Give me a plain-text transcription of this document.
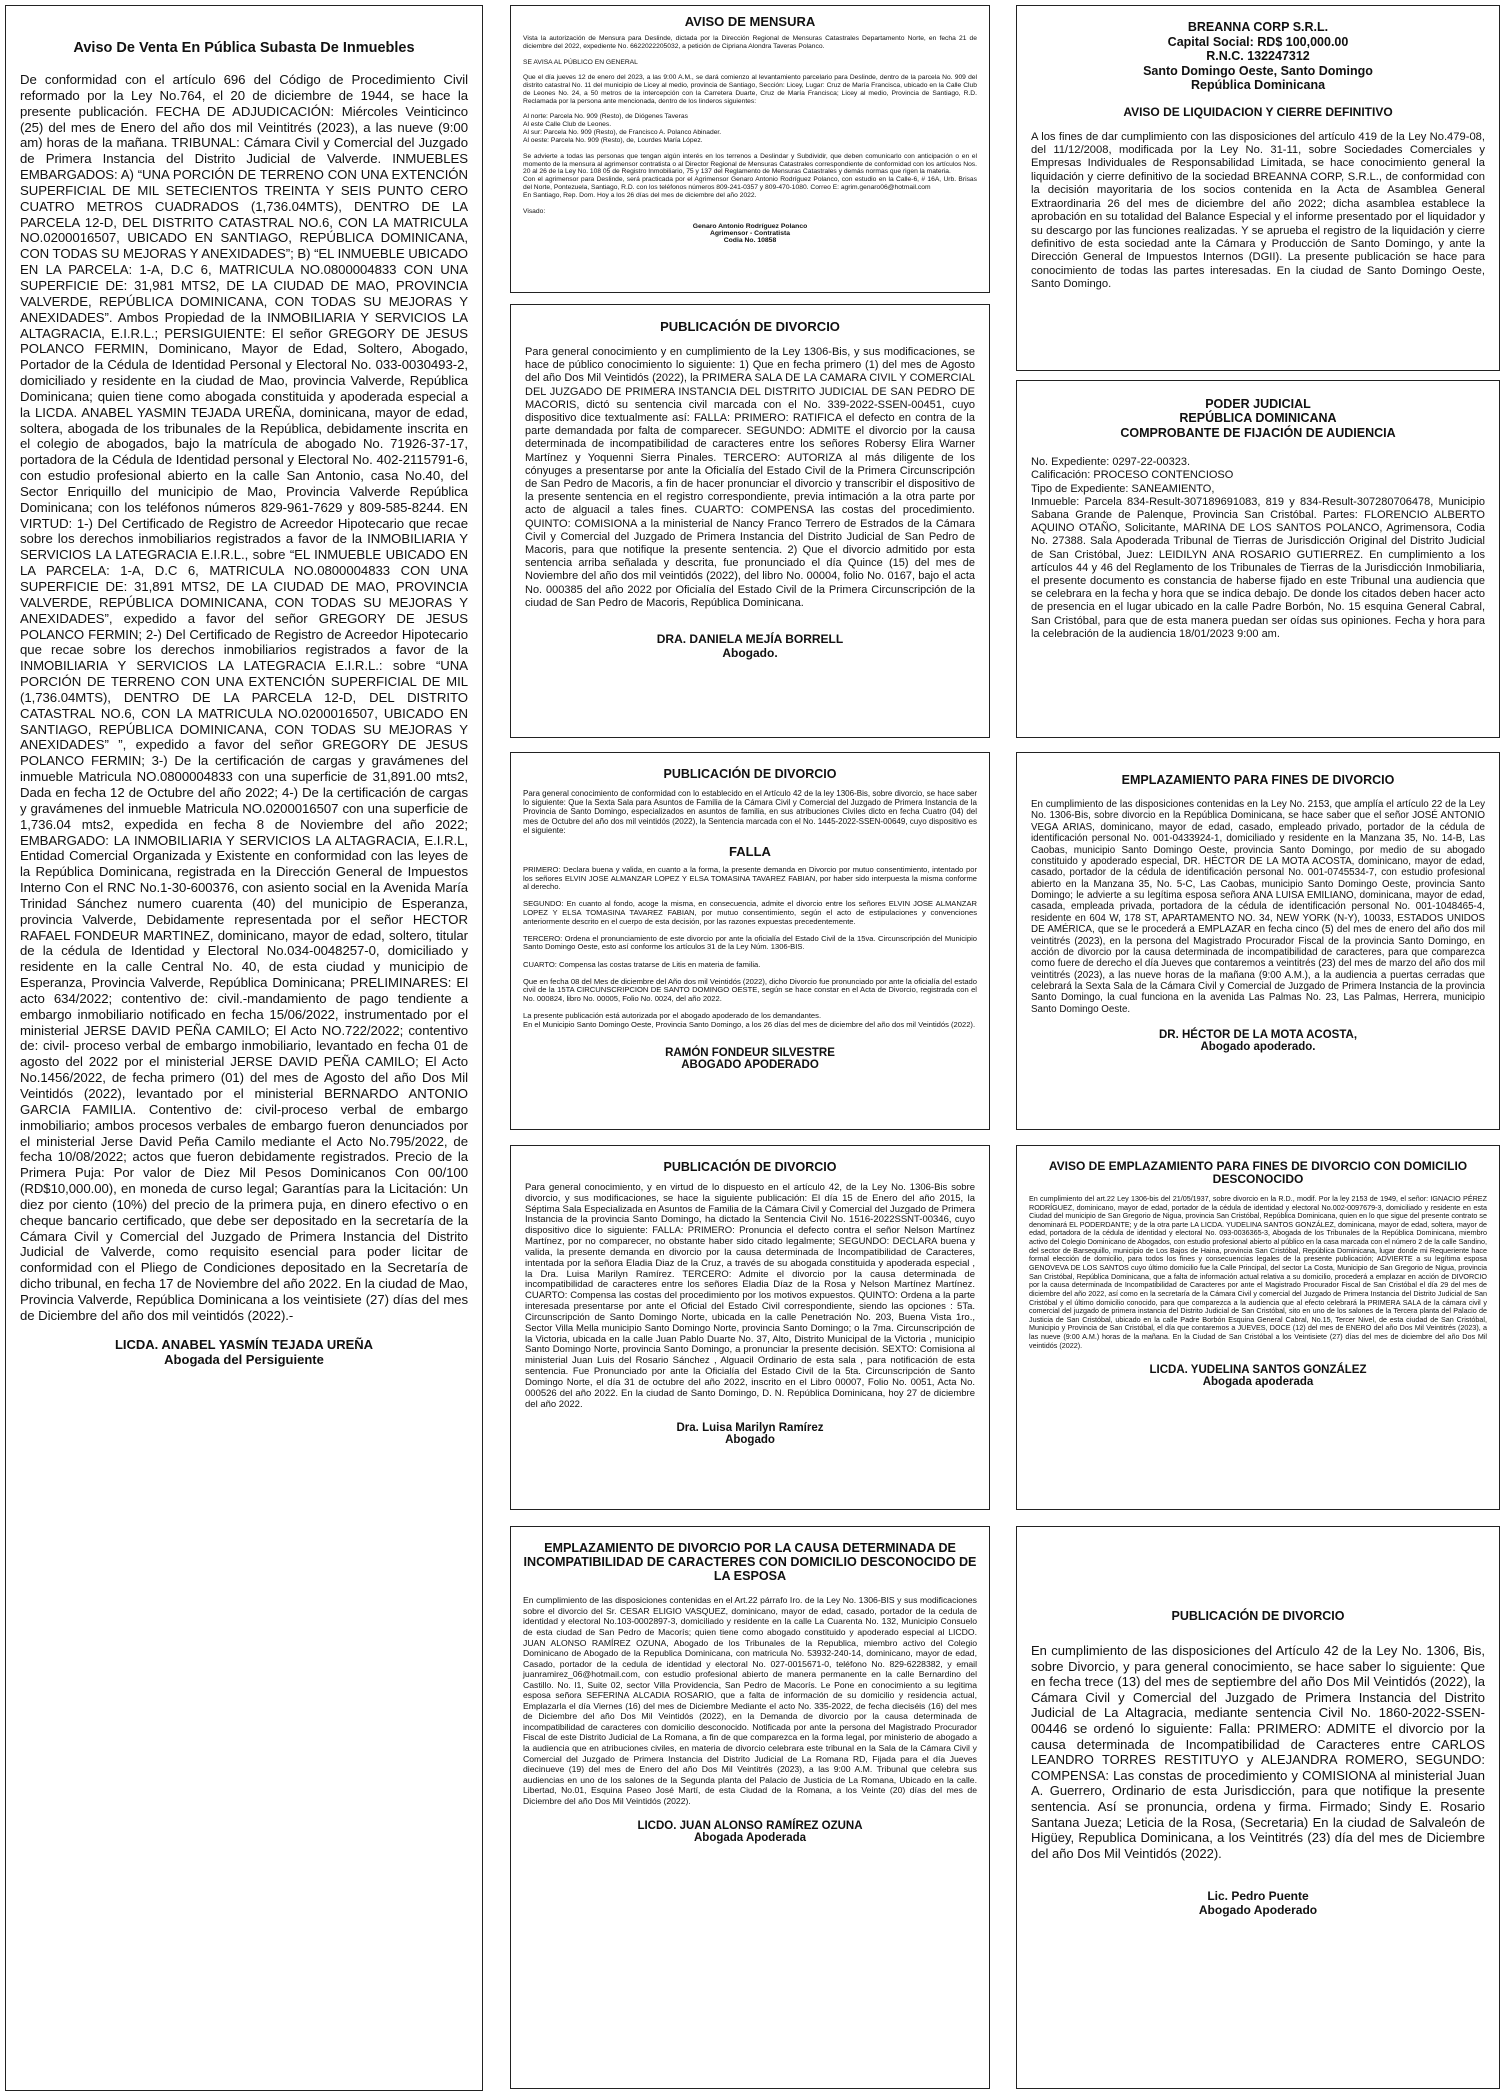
Aviso De Venta En Pública Subasta De Inmuebles

De conformidad con el artículo 696 del Código de Procedimiento Civil reformado por la Ley No.764, el 20 de diciembre de 1944, se hace la presente publicación. FECHA DE ADJUDICACIÓN: Miércoles Veinticinco (25) del mes de Enero del año dos mil Veintitrés (2023), a las nueve (9:00 am) horas de la mañana. TRIBUNAL: Cámara Civil y Comercial del Juzgado de Primera Instancia del Distrito Judicial de Valverde. INMUEBLES EMBARGADOS: A) “UNA PORCIÓN DE TERRENO CON UNA EXTENCIÓN SUPERFICIAL DE MIL SETECIENTOS TREINTA Y SEIS PUNTO CERO CUATRO METROS CUADRADOS (1,736.04MTS), DENTRO DE LA PARCELA 12-D, DEL DISTRITO CATASTRAL NO.6, CON LA MATRICULA NO.0200016507, UBICADO EN SANTIAGO, REPÚBLICA DOMINICANA, CON TODAS SU MEJORAS Y ANEXIDADES”; B) “EL INMUEBLE UBICADO EN LA PARCELA: 1-A, D.C 6, MATRICULA NO.0800004833 CON UNA SUPERFICIE DE: 31,981 MTS2, DE LA CIUDAD DE MAO, PROVINCIA VALVERDE, REPÚBLICA DOMINICANA, CON TODAS SU MEJORAS Y ANEXIDADES”. Ambos Propiedad de la INMOBILIARIA Y SERVICIOS LA ALTAGRACIA, E.I.R.L.; PERSIGUIENTE: El señor GREGORY DE JESUS POLANCO FERMIN, Dominicano, Mayor de Edad, Soltero, Abogado, Portador de la Cédula de Identidad Personal y Electoral No. 033-0030493-2, domiciliado y residente en la ciudad de Mao, provincia Valverde, República Dominicana; quien tiene como abogada constituida y apoderada especial a la LICDA. ANABEL YASMIN TEJADA UREÑA, dominicana, mayor de edad, soltera, abogada de los tribunales de la República, debidamente inscrita en el colegio de abogados, bajo la matrícula de abogado No. 71926-37-17, portadora de la Cédula de Identidad personal y Electoral No. 402-2115791-6, con estudio profesional abierto en la calle San Antonio, casa No.40, del Sector Enriquillo del municipio de Mao, Provincia Valverde República Dominicana; con los teléfonos números 829-961-7629 y 809-585-8244. EN VIRTUD: 1-) Del Certificado de Registro de Acreedor Hipotecario que recae sobre los derechos inmobiliarios registrados a favor de la INMOBILIARIA Y SERVICIOS LA LATEGRACIA E.I.R.L., sobre “EL INMUEBLE UBICADO EN LA PARCELA: 1-A, D.C 6, MATRICULA NO.0800004833 CON UNA SUPERFICIE DE: 31,891 MTS2, DE LA CIUDAD DE MAO, PROVINCIA VALVERDE, REPÚBLICA DOMINICANA, CON TODAS SU MEJORAS Y ANEXIDADES”, expedido a favor del señor GREGORY DE JESUS POLANCO FERMIN; 2-) Del Certificado de Registro de Acreedor Hipotecario que recae sobre los derechos inmobiliarios registrados a favor de la INMOBILIARIA Y SERVICIOS LA LATEGRACIA E.I.R.L.: sobre “UNA PORCIÓN DE TERRENO CON UNA EXTENCIÓN SUPERFICIAL DE MIL (1,736.04MTS), DENTRO DE LA PARCELA 12-D, DEL DISTRITO CATASTRAL NO.6, CON LA MATRICULA NO.0200016507, UBICADO EN SANTIAGO, REPÚBLICA DOMINICANA, CON TODAS SU MEJORAS Y ANEXIDADES” ”, expedido a favor del señor GREGORY DE JESUS POLANCO FERMIN; 3-) De la certificación de cargas y gravámenes del inmueble Matricula NO.0800004833 con una superficie de 31,891.00 mts2, Dada en fecha 12 de Octubre del año 2022; 4-) De la certificación de cargas y gravámenes del inmueble Matricula NO.0200016507 con una superficie de 1,736.04 mts2, expedida en fecha 8 de Noviembre del año 2022; EMBARGADO: LA INMOBILIARIA Y SERVICIOS LA ALTAGRACIA, E.I.R.L, Entidad Comercial Organizada y Existente en conformidad con las leyes de la República Dominicana, registrada en la Dirección General de Impuestos Interno Con el RNC No.1-30-600376, con asiento social en la Avenida María Trinidad Sánchez numero cuarenta (40) del municipio de Esperanza, provincia Valverde, Debidamente representada por el señor HECTOR RAFAEL FONDEUR MARTINEZ, dominicano, mayor de edad, soltero, titular de la cédula de Identidad y Electoral No.034-0048257-0, domiciliado y residente en la calle Central No. 40, de esta ciudad y municipio de Esperanza, Provincia Valverde, República Dominicana; PRELIMINARES: El acto 634/2022; contentivo de: civil.-mandamiento de pago tendiente a embargo inmobiliario notificado en fecha 15/06/2022, instrumentado por el ministerial JERSE DAVID PEÑA CAMILO; El Acto NO.722/2022; contentivo de: civil- proceso verbal de embargo inmobiliario, levantado en fecha 01 de agosto del 2022 por el ministerial JERSE DAVID PEÑA CAMILO; El Acto No.1456/2022, de fecha primero (01) del mes de Agosto del año Dos Mil Veintidós (2022), levantado por el ministerial BERNARDO ANTONIO GARCIA FAMILIA. Contentivo de: civil-proceso verbal de embargo inmobiliario; ambos procesos verbales de embargo fueron denunciados por el ministerial Jerse David Peña Camilo mediante el Acto No.795/2022, de fecha 10/08/2022; actos que fueron debidamente registrados. Precio de la Primera Puja: Por valor de Diez Mil Pesos Dominicanos Con 00/100 (RD$10,000.00), en moneda de curso legal; Garantías para la Licitación: Un diez por ciento (10%) del precio de la primera puja, en dinero efectivo o en cheque bancario certificado, que debe ser depositado en la secretaría de la Cámara Civil y Comercial del Juzgado de Primera Instancia del Distrito Judicial de Valverde, como requisito esencial para poder licitar de conformidad con el Pliego de Condiciones depositado en la Secretaría de dicho tribunal, en fecha 17 de Noviembre del año 2022. En la ciudad de Mao, Provincia Valverde, República Dominicana a los veintisiete (27) días del mes de Diciembre del año dos mil veintidós (2022).-

LICDA. ANABEL YASMÍN TEJADA UREÑA
Abogada del Persiguiente

AVISO DE MENSURA

Vista la autorización de Mensura para Deslinde, dictada por la Dirección Regional de Mensuras Catastrales Departamento Norte, en fecha 21 de diciembre del 2022, expediente No. 6622022205032, a petición de Cipriana Alondra Taveras Polanco.

SE AVISA AL PÚBLICO EN GENERAL

Que el día jueves 12 de enero del 2023, a las 9:00 A.M., se dará comienzo al levantamiento parcelario para Deslinde, dentro de la parcela No. 909 del distrito catastral No. 11 del municipio de Licey al medio, provincia de Santiago, Sección: Licey, Lugar: Cruz de María Francisca, ubicado en la Calle Club de Leones No. 24, a 50 metros de la intercepción con la Carretera Duarte, Cruz de María Francisca; Licey al medio, Provincia de Santiago, R.D. Reclamada por la persona ante mencionada, dentro de los linderos siguientes:

Al norte: Parcela No. 909 (Resto), de Diógenes Taveras
Al este Calle Club de Leones.
Al sur: Parcela No. 909 (Resto), de Francisco A. Polanco Abinader.
Al oeste: Parcela No. 909 (Resto), de, Lourdes María López.

Se advierte a todas las personas que tengan algún interés en los terrenos a Deslindar y Subdividir, que deben comunicarlo con anticipación o en el momento de la mensura al agrimensor contratista o al Director Regional de Mensuras Catastrales correspondiente de conformidad con los artículos Nos. 20 al 26 de la Ley No. 108 05 de Registro Inmobiliario, 75 y 137 del Reglamento de Mensuras Catastrales y demás normas que rigen la materia.
Con el agrimensor para Deslinde, será practicada por el Agrimensor Genaro Antonio Rodríguez Polanco, con estudio en la Calle-6, # 16A, Urb. Brisas del Norte, Pontezuela, Santiago, R.D. con los teléfonos números 809-241-0357 y 809-470-1080. Correo E: agrim.genaro06@hotmail.com
En Santiago, Rep. Dom. Hoy a los 26 días del mes de diciembre del año 2022.

Visado:

Genaro Antonio Rodríguez Polanco
Agrimensor - Contratista
Codia No. 10858

PUBLICACIÓN DE DIVORCIO

Para general conocimiento y en cumplimiento de la Ley 1306-Bis, y sus modificaciones, se hace de público conocimiento lo siguiente: 1) Que en fecha primero (1) del mes de Agosto del año Dos Mil Veintidós (2022), la PRIMERA SALA DE LA CAMARA CIVIL Y COMERCIAL DEL JUZGADO DE PRIMERA INSTANCIA DEL DISTRITO JUDICIAL DE SAN PEDRO DE MACORIS, dictó su sentencia civil marcada con el No. 339-2022-SSEN-00451, cuyo dispositivo dice textualmente así: FALLA: PRIMERO: RATIFICA el defecto en contra de la parte demandada por falta de comparecer. SEGUNDO: ADMITE el divorcio por la causa determinada de incompatibilidad de caracteres entre los señores Robersy Elira Warner Martínez y Yoquenni Sierra Pinales. TERCERO: AUTORIZA al más diligente de los cónyuges a presentarse por ante la Oficialía del Estado Civil de la Primera Circunscripción de San Pedro de Macoris, a fin de hacer pronunciar el divorcio y transcribir el dispositivo de la presente sentencia en el registro correspondiente, previa intimación a la otra parte por acto de alguacil a tales fines. CUARTO: COMPENSA las costas del procedimiento. QUINTO: COMISIONA a la ministerial de Nancy Franco Terrero de Estrados de la Cámara Civil y Comercial del Juzgado de Primera Instancia del Distrito Judicial de San Pedro de Macoris, para que notifique la presente sentencia. 2) Que el divorcio admitido por esta sentencia arriba señalada y descrita, fue pronunciado el día Quince (15) del mes de Noviembre del año dos mil veintidós (2022), del libro No. 00004, folio No. 0167, bajo el acta No. 000385 del año 2022 por Oficialía del Estado Civil de la Primera Circunscripción de la ciudad de San Pedro de Macoris, República Dominicana.

DRA. DANIELA MEJÍA BORRELL
Abogado.

PUBLICACIÓN DE DIVORCIO

Para general conocimiento de conformidad con lo establecido en el Artículo 42 de la ley 1306-Bis, sobre divorcio, se hace saber lo siguiente: Que la Sexta Sala para Asuntos de Familia de la Cámara Civil y Comercial del Juzgado de Primera Instancia de la Provincia de Santo Domingo, especializados en asuntos de familia, en sus atribuciones Civiles dicto en fecha Cuatro (04) del mes de Octubre del año dos mil veintidós (2022), la Sentencia marcada con el No. 1445-2022-SSEN-00649, cuyo dispositivo es el siguiente:

FALLA

PRIMERO: Declara buena y valida, en cuanto a la forma, la presente demanda en Divorcio por mutuo consentimiento, intentado por los señores ELVIN JOSE ALMANZAR LOPEZ Y ELSA TOMASINA TAVAREZ FABIAN, por haber sido interpuesta la misma conforme al derecho.

SEGUNDO: En cuanto al fondo, acoge la misma, en consecuencia, admite el divorcio entre los señores ELVIN JOSE ALMANZAR LOPEZ Y ELSA TOMASINA TAVAREZ FABIAN, por mutuo consentimiento, según el acto de estipulaciones y convenciones anteriormente descrito en el cuerpo de esta decisión, por las razones expuestas precedentemente.

TERCERO: Ordena el pronunciamiento de este divorcio por ante la oficialía del Estado Civil de la 15va. Circunscripción del Municipio Santo Domingo Oeste, esto así conforme los artículos 31 de la Ley Núm. 1306-BIS.

CUARTO: Compensa las costas tratarse de Litis en materia de familia.

Que en fecha 08 del Mes de diciembre del Año dos mil Veintidós (2022), dicho Divorcio fue pronunciado por ante la oficialía del estado civil de la 15TA CIRCUNSCRIPCION DE SANTO DOMINGO OESTE, según se hace constar en el Acta de Divorcio, registrada con el No. 000824, libro No. 00005, Folio No. 0024, del año 2022.

La presente publicación está autorizada por el abogado apoderado de los demandantes.
En el Municipio Santo Domingo Oeste, Provincia Santo Domingo, a los 26 días del mes de diciembre del año dos mil Veintidós (2022).

RAMÓN FONDEUR SILVESTRE
ABOGADO APODERADO

PUBLICACIÓN DE DIVORCIO

Para general conocimiento, y en virtud de lo dispuesto en el artículo 42, de la Ley No. 1306-Bis sobre divorcio, y sus modificaciones, se hace la siguiente publicación: El día 15 de Enero del año 2015, la Séptima Sala Especializada en Asuntos de Familia de la Cámara Civil y Comercial del Juzgado de Primera Instancia de la provincia Santo Domingo, ha dictado la Sentencia Civil No. 1516-2022SSNT-00346, cuyo dispositivo dice lo siguiente: FALLA: PRIMERO: Pronuncia el defecto contra el señor Nelson Martínez Martínez, por no comparecer, no obstante haber sido citado legalmente; SEGUNDO: DECLARA buena y valida, la presente demanda en divorcio por la causa determinada de Incompatibilidad de Caracteres, intentada por la señora Eladia Diaz de la Cruz, a través de su abogada constituida y apoderada especial , la Dra. Luisa Marilyn Ramírez. TERCERO: Admite el divorcio por la causa determinada de incompatibilidad de caracteres entre los señores Eladia Díaz de la Rosa y Nelson Martínez Martínez. CUARTO: Compensa las costas del procedimiento por los motivos expuestos. QUINTO: Ordena a la parte interesada presentarse por ante el Oficial del Estado Civil correspondiente, siendo las opciones : 5Ta. Circunscripción de Santo Domingo Norte, ubicada en la calle Penetración No. 203, Buena Vista 1ro., Sector Villa Mella municipio Santo Domingo Norte, provincia Santo Domingo; o la 7ma. Circunscripción de la Victoria, ubicada en la calle Juan Pablo Duarte No. 37, Alto, Distrito Municipal de la Victoria , municipio Santo Domingo Norte, provincia Santo Domingo, a pronunciar la presente decisión. SEXTO: Comisiona al ministerial Juan Luis del Rosario Sánchez , Alguacil Ordinario de esta sala , para notificación de esta sentencia. Fue Pronunciado por ante la Oficialía del Estado Civil de la 5ta. Circunscripción de Santo Domingo Norte, el día 31 de octubre del año 2022, inscrito en el Libro 00007, Folio No. 0051, Acta No. 000526 del año 2022. En la ciudad de Santo Domingo, D. N. República Dominicana, hoy 27 de diciembre del año 2022.

Dra. Luisa Marilyn Ramírez
Abogado

EMPLAZAMIENTO DE DIVORCIO POR LA CAUSA DETERMINADA DE INCOMPATIBILIDAD DE CARACTERES CON DOMICILIO DESCONOCIDO DE LA ESPOSA

En cumplimiento de las disposiciones contenidas en el Art.22 párrafo Iro. de la Ley No. 1306-BIS y sus modificaciones sobre el divorcio del Sr. CESAR ELIGIO VASQUEZ, dominicano, mayor de edad, casado, portador de la cedula de identidad y electoral No.103-0002897-3, domiciliado y residente en la calle La Cuarenta No. 132, Municipio Consuelo de esta ciudad de San Pedro de Macorís; quien tiene como abogado constituido y apoderado especial al LICDO. JUAN ALONSO RAMÍREZ OZUNA, Abogado de los Tribunales de la Republica, miembro activo del Colegio Dominicano de Abogado de la Republica Dominicana, con matricula No. 53932-240-14, dominicano, mayor de edad, Casado, portador de la cedula de identidad y electoral No. 027-0015671-0, teléfono No. 829-6228382, y email juanramirez_06@hotmail.com, con estudio profesional abierto de manera permanente en la calle Bernardino del Castillo. No. l1, Suite 02, sector Villa Providencia, San Pedro de Macorís. Le Pone en conocimiento a su legitima esposa señora SEFERINA ALCADIA ROSARIO, que a falta de información de su domicilio y residencia actual, Emplazarla el día Viernes (16) del mes de Diciembre Mediante el acto No. 335-2022, de fecha dieciséis (16) del mes de Diciembre del año Dos Mil Veintidós (2022), en la Demanda de divorcio por la causa determinada de incompatibilidad de caracteres con domicilio desconocido. Notificada por ante la persona del Magistrado Procurador Fiscal de este Distrito Judicial de La Romana, a fin de que comparezca en la forma legal, por ministerio de abogado a la audiencia que en atribuciones civiles, en materia de divorcio celebrara este tribunal en la Sala de la Cámara Civil y Comercial del Juzgado de Primera Instancia del Distrito Judicial de La Romana RD, Fijada para el día Jueves diecinueve (19) del mes de Enero del año Dos Mil Veintitrés (2023), a las 9:00 A.M. Tribunal que celebra sus audiencias en uno de los salones de la Segunda planta del Palacio de Justicia de La Romana, Ubicado en la calle. Libertad, No.01, Esquina Paseo José Martí, de esta Ciudad de la Romana, a los Veinte (20) días del mes de Diciembre del año Dos Mil Veintidós (2022).

LICDO. JUAN ALONSO RAMÍREZ OZUNA
Abogada Apoderada

BREANNA CORP S.R.L.
Capital Social: RD$ 100,000.00
R.N.C. 132247312
Santo Domingo Oeste, Santo Domingo
República Dominicana

AVISO DE LIQUIDACION Y CIERRE DEFINITIVO

A los fines de dar cumplimiento con las disposiciones del artículo 419 de la Ley No.479-08, del 11/12/2008, modificada por la Ley No. 31-11, sobre Sociedades Comerciales y Empresas Individuales de Responsabilidad Limitada, se hace conocimiento general la liquidación y cierre definitivo de la sociedad BREANNA CORP, S.R.L., de conformidad con la decisión mayoritaria de los socios contenida en la Acta de Asamblea General Extraordinaria 26 del mes de diciembre del año 2022; dicha asamblea establece la aprobación en su totalidad del Balance Especial y el informe presentado por el liquidador y su descargo por las funciones realizadas. Y se aprueba el registro de la liquidación y cierre definitivo de esta sociedad ante la Cámara y Producción de Santo Domingo, y ante la Dirección General de Impuestos Internos (DGII). La presente publicación se hace para conocimiento de todas las partes interesadas. En la ciudad de Santo Domingo Oeste, Santo Domingo.

PODER JUDICIAL
REPÚBLICA DOMINICANA
COMPROBANTE DE FIJACIÓN DE AUDIENCIA

No. Expediente: 0297-22-00323.
Calificación: PROCESO CONTENCIOSO
Tipo de Expediente: SANEAMIENTO,
Inmueble: Parcela 834-Result-307189691083, 819 y 834-Result-307280706478, Municipio Sabana Grande de Palenque, Provincia San Cristóbal. Partes: FLORENCIO ALBERTO AQUINO OTAÑO, Solicitante, MARINA DE LOS SANTOS POLANCO, Agrimensora, Codia No. 27388. Sala Apoderada Tribunal de Tierras de Jurisdicción Original del Distrito Judicial de San Cristóbal, Juez: LEIDILYN ANA ROSARIO GUTIERREZ. En cumplimiento a los artículos 44 y 46 del Reglamento de los Tribunales de Tierras de la Jurisdicción Inmobiliaria, el presente documento es constancia de haberse fijado en este Tribunal una audiencia que se celebrara en la fecha y hora que se indica debajo. De donde los citados deben hacer acto de presencia en el lugar ubicado en la calle Padre Borbón, No. 15 esquina General Cabral, San Cristóbal, para que de esta manera puedan ser oídas sus opiniones. Fecha y hora para la celebración de la audiencia 18/01/2023 9:00 am.

EMPLAZAMIENTO PARA FINES DE DIVORCIO

En cumplimiento de las disposiciones contenidas en la Ley No. 2153, que amplía el artículo 22 de la Ley No. 1306-Bis, sobre divorcio en la República Dominicana, se hace saber que el señor JOSÉ ANTONIO VEGA ARIAS, dominicano, mayor de edad, casado, empleado privado, portador de la cédula de identificación personal No. 001-0433924-1, domiciliado y residente en la Manzana 35, No. 14-B, Las Caobas, municipio Santo Domingo Oeste, provincia Santo Domingo, por medio de su abogado constituido y apoderado especial, DR. HÉCTOR DE LA MOTA ACOSTA, dominicano, mayor de edad, casado, portador de la cédula de identificación personal No. 001-0745534-7, con estudio profesional abierto en la Manzana 35, No. 5-C, Las Caobas, municipio Santo Domingo Oeste, provincia Santo Domingo; le advierte a su legítima esposa señora ANA LUISA EMILIANO, dominicana, mayor de edad, casada, empleada privada, portadora de la cédula de identificación personal No. 001-1048465-4, residente en 604 W, 178 ST, APARTAMENTO NO. 34, NEW YORK (N-Y), 10033, ESTADOS UNIDOS DE AMÉRICA, que se le procederá a EMPLAZAR en fecha cinco (5) del mes de enero del año dos mil veintitrés (2023), en la persona del Magistrado Procurador Fiscal de la provincia Santo Domingo, en acción de divorcio por la causa determinada de incompatibilidad de caracteres, para que comparezca como fuere de derecho el día Jueves que contaremos a veintitrés (23) del mes de marzo del año dos mil veintitrés (2023), a las nueve horas de la mañana (9:00 A.M.), a la audiencia a puertas cerradas que celebrará la Sexta Sala de la Cámara Civil y Comercial de Juzgado de Primera Instancia de la provincia Santo Domingo, la cual funciona en la avenida Las Palmas No. 23, Las Palmas, Herrera, municipio Santo Domingo Oeste.

DR. HÉCTOR DE LA MOTA ACOSTA,
Abogado apoderado.

AVISO DE EMPLAZAMIENTO PARA FINES DE DIVORCIO CON DOMICILIO DESCONOCIDO

En cumplimiento del art.22 Ley 1306-bis del 21/05/1937, sobre divorcio en la R.D., modif. Por la ley 2153 de 1949, el señor: IGNACIO PÉREZ RODRÍGUEZ, dominicano, mayor de edad, portador de la cédula de identidad y electoral No.002-0097679-3, domiciliado y residente en esta Ciudad del municipio de San Gregorio de Nigua, provincia San Cristóbal, República Dominicana, quien en lo que sigue del presente contrato se denominará EL PODERDANTE; y de la otra parte LA LICDA. YUDELINA SANTOS GONZÁLEZ, dominicana, mayor de edad, soltera, mayor de edad, portadora de la cédula de identidad y electoral No. 093-0036365-3, Abogada de los Tribunales de la República Dominicana, miembro activo del Colegio Dominicano de Abogados, con estudio profesional abierto al público en la casa marcada con el número 2 de la calle Sandino, del sector de Barsequillo, municipio de Los Bajos de Haina, provincia San Cristóbal, República Dominicana, lugar donde mi Requeriente hace formal elección de domicilio, para todos los fines y consecuencias legales de la presente publicación; ADVIERTE a su legítima esposa GENOVEVA DE LOS SANTOS cuyo último domicilio fue la Calle Principal, del sector La Costa, Municipio de San Gregorio de Nigua, provincia San Cristóbal, República Dominicana, que a falta de información actual relativa a su domicilio, procederá a emplazar en acción de DIVORCIO por la causa determinada de Incompatibilidad de Caracteres por ante el Magistrado Procurador Fiscal de San Cristóbal el día 29 del mes de diciembre del año 2022, así como en la secretaría de la Cámara Civil y comercial del Juzgado de Primera Instancia del Distrito Judicial de San Cristóbal y el último domicilio conocido, para que comparezca a la audiencia que al efecto celebrará la PRIMERA SALA de la cámara civil y comercial del juzgado de primera instancia del Distrito Judicial de San Cristóbal, sito en uno de los salones de la Tercera planta del Palacio de Justicia de San Cristóbal, ubicado en la calle Padre Borbón Esquina General Cabral, No.15, Tercer Nivel, de esta ciudad de San Cristóbal, Municipio y Provincia de San Cristóbal, el día que contaremos a JUEVES, DOCE (12) del mes de ENERO del año Dos Mil Veintitrés (2023), a las nueve (9:00 A.M.) horas de la mañana. En la Ciudad de San Cristóbal a los Veintisiete (27) días del mes de diciembre del año Dos Mil veintidós (2022).

LICDA. YUDELINA SANTOS GONZÁLEZ
Abogada apoderada

PUBLICACIÓN DE DIVORCIO

En cumplimiento de las disposiciones del Artículo 42 de la Ley No. 1306, Bis, sobre Divorcio, y para general conocimiento, se hace saber lo siguiente: Que en fecha trece (13) del mes de septiembre del año Dos Mil Veintidós (2022), la Cámara Civil y Comercial del Juzgado de Primera Instancia del Distrito Judicial de La Altagracia, mediante sentencia Civil No. 1860-2022-SSEN-00446 se ordenó lo siguiente: Falla: PRIMERO: ADMITE el divorcio por la causa determinada de Incompatibilidad de Caracteres entre CARLOS LEANDRO TORRES RESTITUYO y ALEJANDRA ROMERO, SEGUNDO: COMPENSA: Las constas de procedimiento y COMISIONA al ministerial Juan A. Guerrero, Ordinario de esta Jurisdicción, para que notifique la presente sentencia. Así se pronuncia, ordena y firma. Firmado; Sindy E. Rosario Santana Jueza; Leticia de la Rosa, (Secretaria) En la ciudad de Salvaleón de Higüey, Republica Dominicana, a los Veintitrés (23) día del mes de Diciembre del año Dos Mil Veintidós (2022).

Lic. Pedro Puente
Abogado Apoderado
